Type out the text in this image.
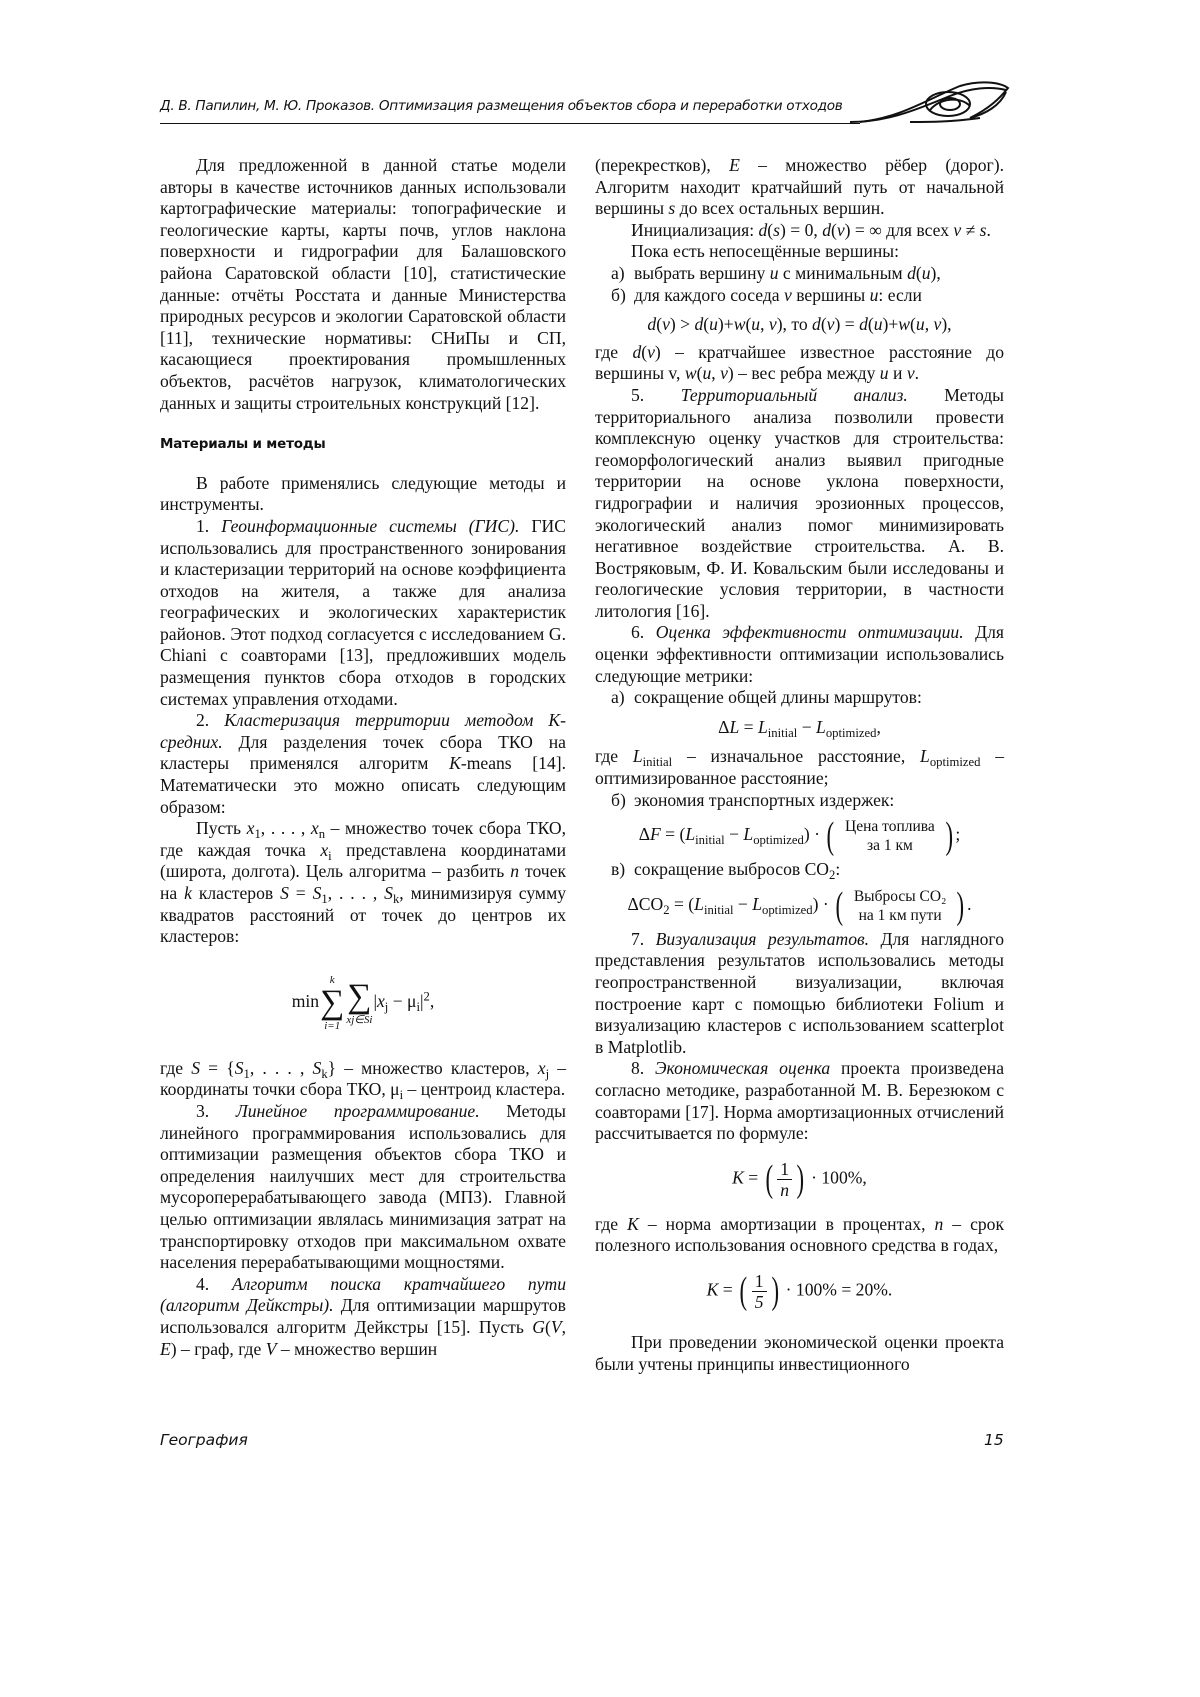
Д. В. Папилин, М. Ю. Проказов. Оптимизация размещения объектов сбора и переработки отходов

Для предложенной в данной статье модели авторы в качестве источников данных использовали картографические материалы: топографические и геологические карты, карты почв, углов наклона поверхности и гидрографии для Балашовского района Саратовской области [10], статистические данные: отчёты Росстата и данные Министерства природных ресурсов и экологии Саратовской области [11], технические нормативы: СНиПы и СП, касающиеся проектирования промышленных объектов, расчётов нагрузок, климатологических данных и защиты строительных конструкций [12].

Материалы и методы

В работе применялись следующие методы и инструменты.

1. Геоинформационные системы (ГИС). ГИС использовались для пространственного зонирования и кластеризации территорий на основе коэффициента отходов на жителя, а также для анализа географических и экологических характеристик районов. Этот подход согласуется с исследованием G. Chiani с соавторами [13], предложивших модель размещения пунктов сбора отходов в городских системах управления отходами.

2. Кластеризация территории методом K-средних. Для разделения точек сбора ТКО на кластеры применялся алгоритм K-means [14]. Математически это можно описать следующим образом:

Пусть $x_1$, . . . , $x_n$ – множество точек сбора ТКО, где каждая точка $x_i$ представлена координатами (широта, долгота). Цель алгоритма – разбить n точек на k кластеров $S = S_1$, . . . , $S_k$, минимизируя сумму квадратов расстояний от точек до центров их кластеров:

min
k
∑
i=1
∑
xj∈Si
$|x_j - \mu_i|^2$,

где $S = \{S_1$, . . . , $S_k$} – множество кластеров, $x_j$ – координаты точки сбора ТКО, $\mu_i$ – центроид кластера.

3. Линейное программирование. Методы линейного программирования использовались для оптимизации размещения объектов сбора ТКО и определения наилучших мест для строительства мусороперерабатывающего завода (МПЗ). Главной целью оптимизации являлась минимизация затрат на транспортировку отходов при максимальном охвате населения перерабатывающими мощностями.

4. Алгоритм поиска кратчайшего пути (алгоритм Дейкстры). Для оптимизации маршрутов использовался алгоритм Дейкстры [15]. Пусть G(V, E) – граф, где V – множество вершин

(перекрестков), E – множество рёбер (дорог). Алгоритм находит кратчайший путь от начальной вершины s до всех остальных вершин.

Инициализация: d(s) = 0, d(v) = ∞ для всех v ≠ s.

Пока есть непосещённые вершины:

а) выбрать вершину u с минимальным d(u),
б) для каждого соседа v вершины u: если
d(v) > d(u)+w(u, v), то d(v) = d(u)+w(u, v),

где d(v) – кратчайшее известное расстояние до вершины v, w(u, v) – вес ребра между u и v.

5. Территориальный анализ. Методы территориального анализа позволили провести комплексную оценку участков для строительства: геоморфологический анализ выявил пригодные территории на основе уклона поверхности, гидрографии и наличия эрозионных процессов, экологический анализ помог минимизировать негативное воздействие строительства. А. В. Востряковым, Ф. И. Ковальским были исследованы и геологические условия территории, в частности литология [16].

6. Оценка эффективности оптимизации. Для оценки эффективности оптимизации использовались следующие метрики:

а) сокращение общей длины маршрутов:
$\Delta L = L_{initial} - L_{optimized}$,

где $L_{initial}$ – изначальное расстояние, $L_{optimized}$ – оптимизированное расстояние;

б) экономия транспортных издержек:
$\Delta F = (L_{initial} - L_{optimized})$ · ( Цена топлива
за 1 км ) ;
в) сокращение выбросов $CO_2$:
$\Delta CO_2 = (L_{initial} - L_{optimized})$ · ( Выбросы CO₂
на 1 км пути ) .

7. Визуализация результатов. Для наглядного представления результатов использовались методы геопространственной визуализации, включая построение карт с помощью библиотеки Folium и визуализацию кластеров с использованием scatterplot в Matplotlib.

8. Экономическая оценка проекта произведена согласно методике, разработанной М. В. Березюком с соавторами [17]. Норма амортизационных отчислений рассчитывается по формуле:

K = ( $\frac{1}{n}$ ) · 100%,

где K – норма амортизации в процентах, n – срок полезного использования основного средства в годах,

K = ( $\frac{1}{5}$ ) · 100% = 20%.

При проведении экономической оценки проекта были учтены принципы инвестиционного

География	15
